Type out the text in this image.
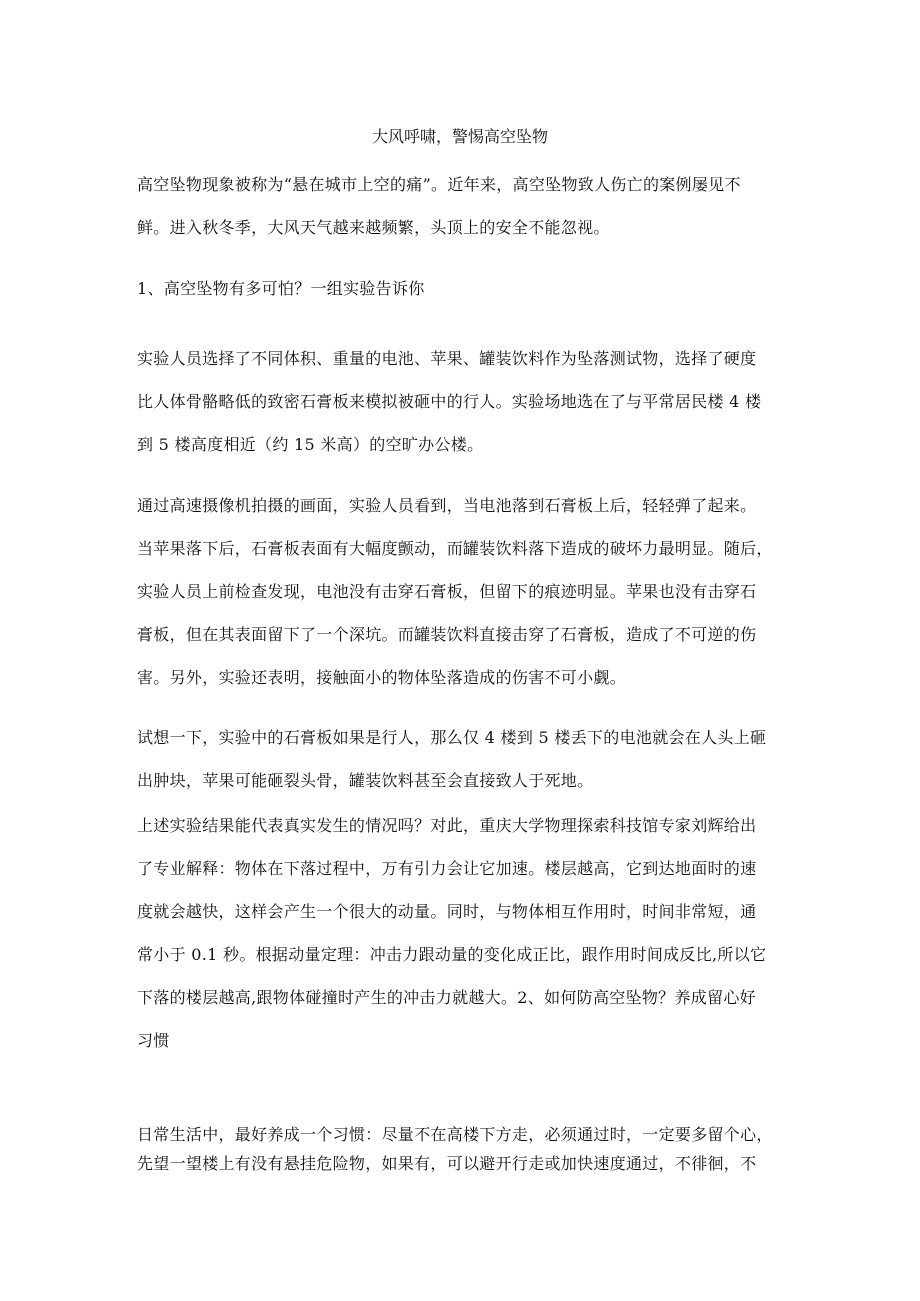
大风呼啸，警惕高空坠物
高空坠物现象被称为“悬在城市上空的痛”。近年来，高空坠物致人伤亡的案例屡见不
鲜。进入秋冬季，大风天气越来越频繁，头顶上的安全不能忽视。
1、高空坠物有多可怕？一组实验告诉你
实验人员选择了不同体积、重量的电池、苹果、罐装饮料作为坠落测试物，选择了硬度
比人体骨骼略低的致密石膏板来模拟被砸中的行人。实验场地选在了与平常居民楼 4 楼
到 5 楼高度相近（约 15 米高）的空旷办公楼。
通过高速摄像机拍摄的画面，实验人员看到，当电池落到石膏板上后，轻轻弹了起来。
当苹果落下后，石膏板表面有大幅度颤动，而罐装饮料落下造成的破坏力最明显。随后，
实验人员上前检查发现，电池没有击穿石膏板，但留下的痕迹明显。苹果也没有击穿石
膏板，但在其表面留下了一个深坑。而罐装饮料直接击穿了石膏板，造成了不可逆的伤
害。另外，实验还表明，接触面小的物体坠落造成的伤害不可小觑。
试想一下，实验中的石膏板如果是行人，那么仅 4 楼到 5 楼丢下的电池就会在人头上砸
出肿块，苹果可能砸裂头骨，罐装饮料甚至会直接致人于死地。
上述实验结果能代表真实发生的情况吗？对此，重庆大学物理探索科技馆专家刘辉给出
了专业解释：物体在下落过程中，万有引力会让它加速。楼层越高，它到达地面时的速
度就会越快，这样会产生一个很大的动量。同时，与物体相互作用时，时间非常短，通
常小于 0.1 秒。根据动量定理：冲击力跟动量的变化成正比，跟作用时间成反比,所以它
下落的楼层越高,跟物体碰撞时产生的冲击力就越大。2、如何防高空坠物？养成留心好
习惯
日常生活中，最好养成一个习惯：尽量不在高楼下方走，必须通过时，一定要多留个心，
先望一望楼上有没有悬挂危险物，如果有，可以避开行走或加快速度通过，不徘徊，不
